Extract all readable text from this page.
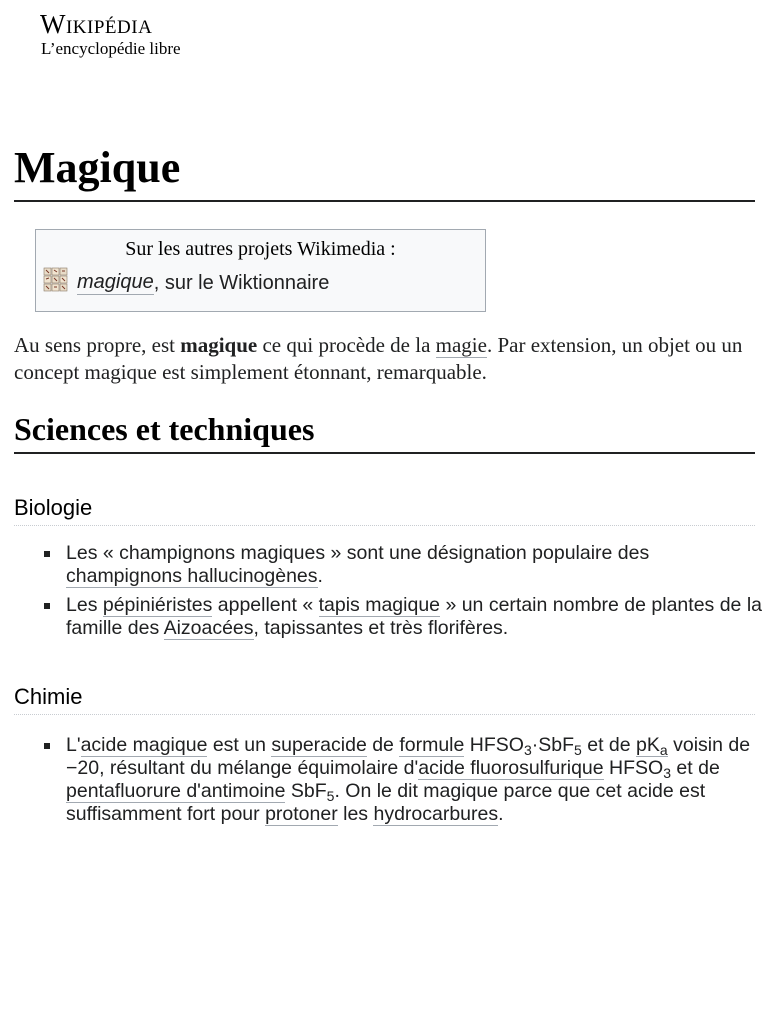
Wikipédia
L’encyclopédie libre
Magique
Sur les autres projets Wikimedia :
magique , sur le Wiktionnaire
Au sens propre, est magique ce qui procède de la magie. Par extension, un objet ou un concept magique est simplement étonnant, remarquable.
Sciences et techniques
Biologie
Les « champignons magiques » sont une désignation populaire des champignons hallucinogènes.
Les pépiniéristes appellent « tapis magique » un certain nombre de plantes de la famille des Aizoacées, tapissantes et très florifères.
Chimie
L'acide magique est un superacide de formule $HFSO_3\cdot SbF_5$ et de $pK_a$ voisin de −20, résultant du mélange équimolaire d'acide fluorosulfurique $HFSO_3$ et de pentafluorure d'antimoine SbF$_5$. On le dit magique parce que cet acide est suffisamment fort pour protoner les hydrocarbures.
